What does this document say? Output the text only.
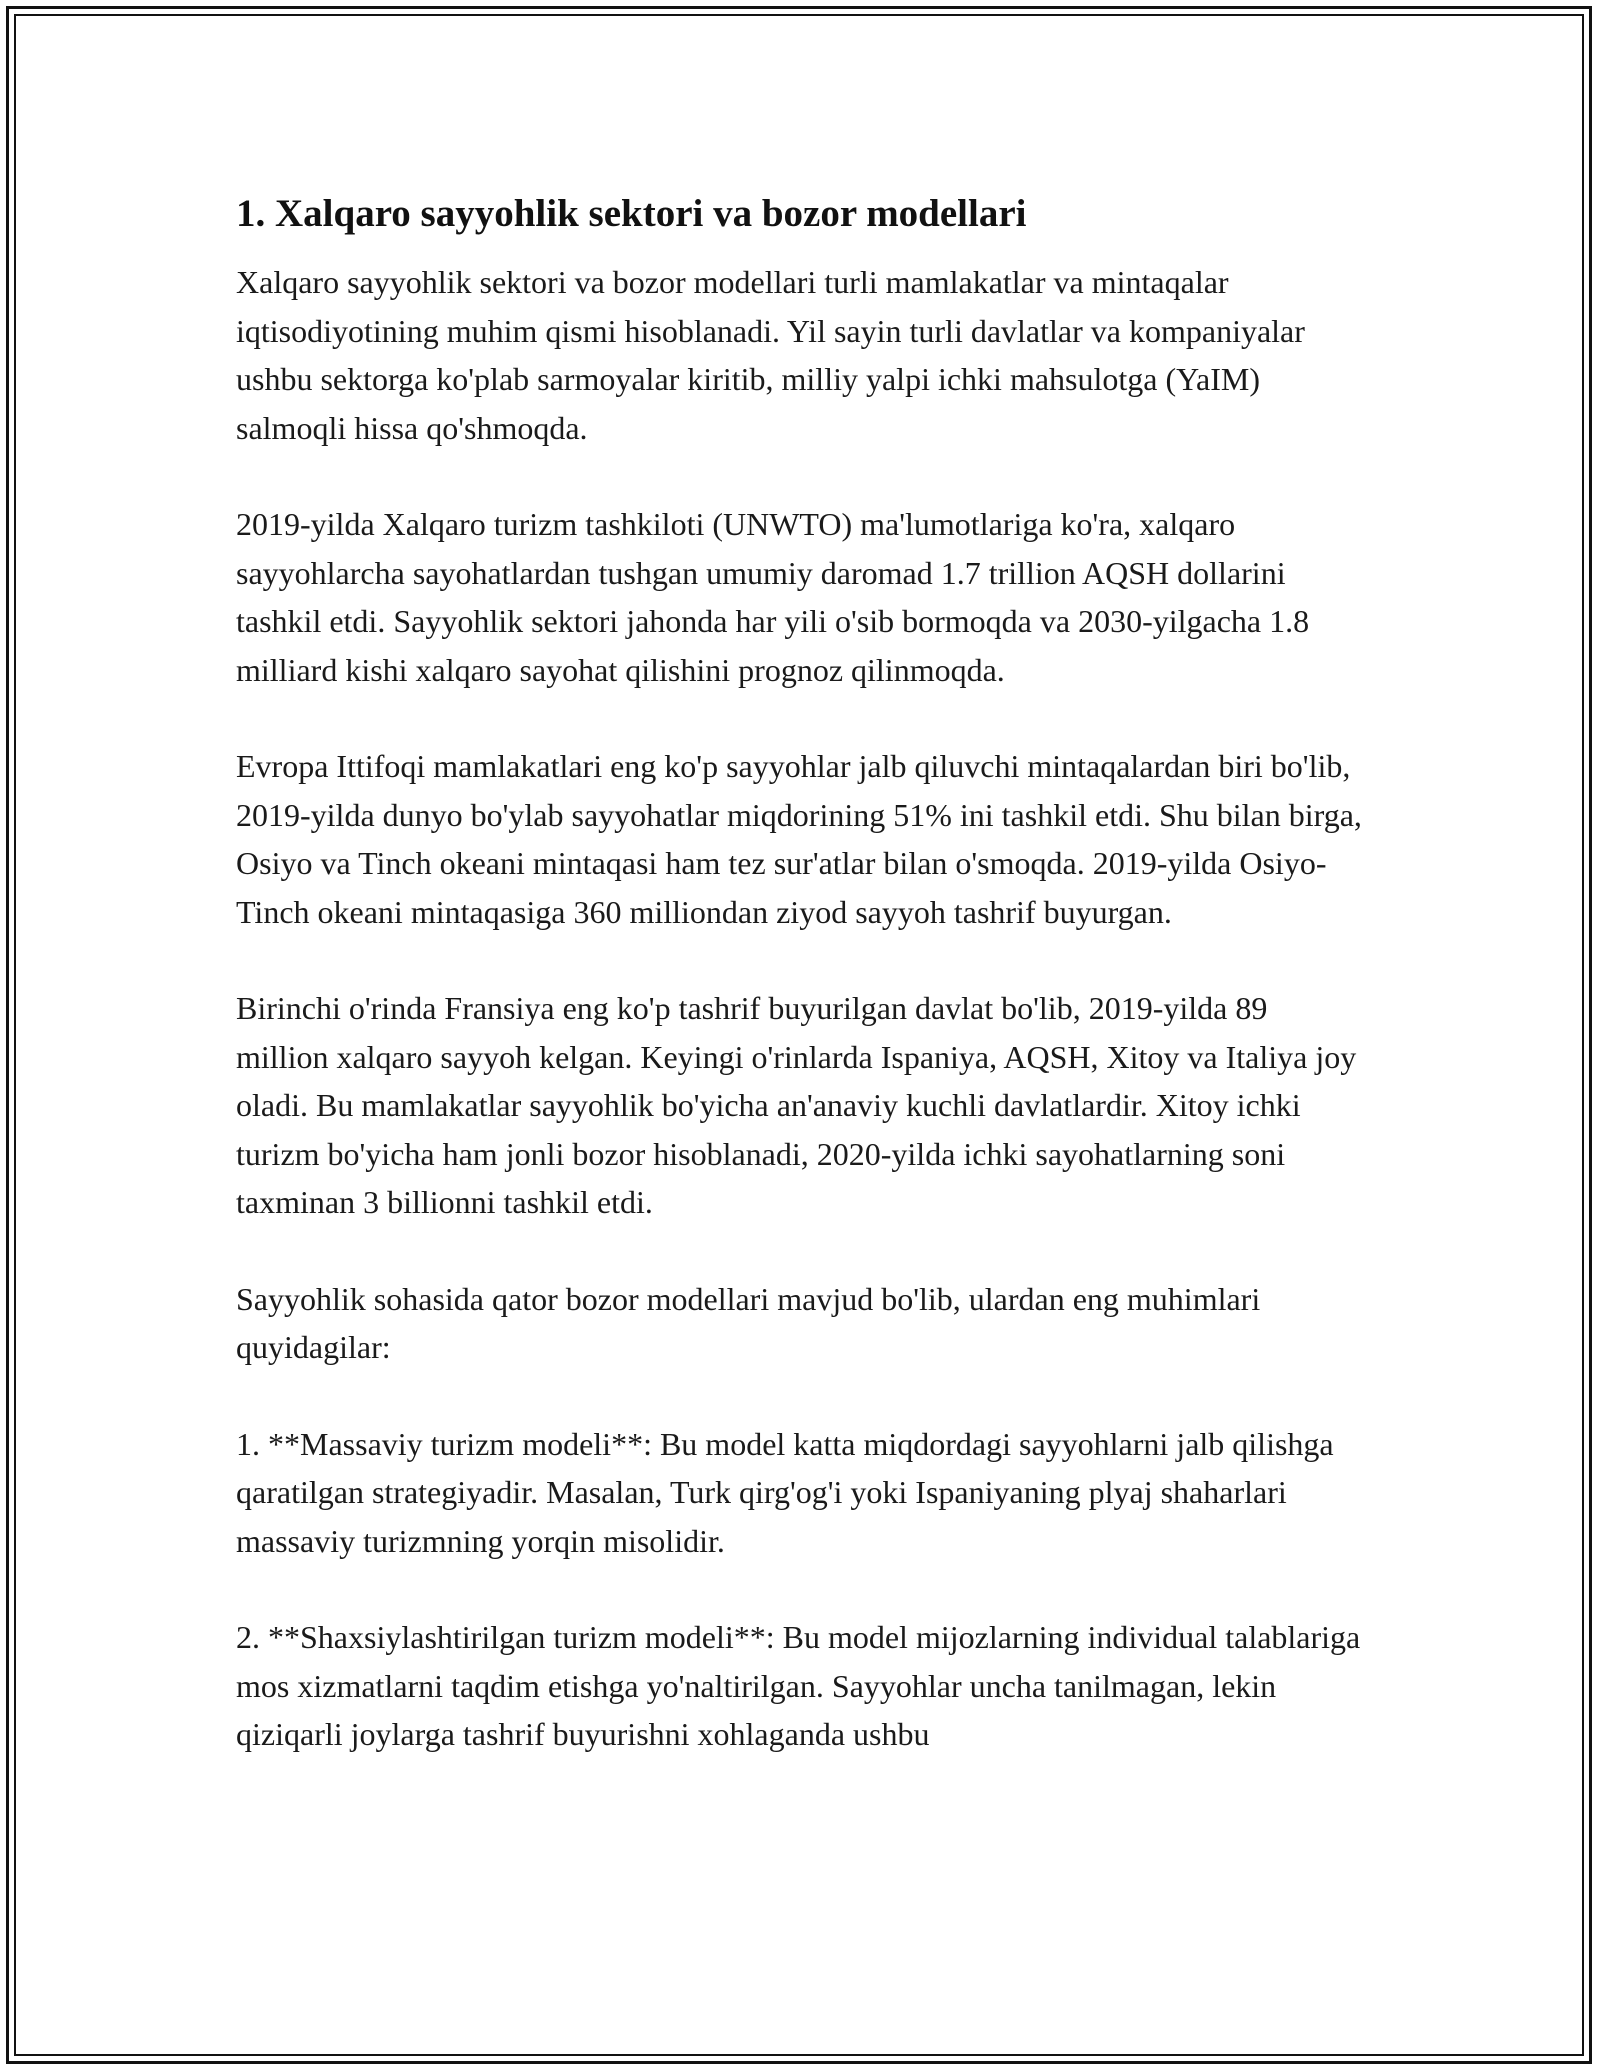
1. Xalqaro sayyohlik sektori va bozor modellari

Xalqaro sayyohlik sektori va bozor modellari turli mamlakatlar va mintaqalar iqtisodiyotining muhim qismi hisoblanadi. Yil sayin turli davlatlar va kompaniyalar ushbu sektorga ko'plab sarmoyalar kiritib, milliy yalpi ichki mahsulotga (YaIM) salmoqli hissa qo'shmoqda.

2019-yilda Xalqaro turizm tashkiloti (UNWTO) ma'lumotlariga ko'ra, xalqaro sayyohlarcha sayohatlardan tushgan umumiy daromad 1.7 trillion AQSH dollarini tashkil etdi. Sayyohlik sektori jahonda har yili o'sib bormoqda va 2030-yilgacha 1.8 milliard kishi xalqaro sayohat qilishini prognoz qilinmoqda.

Evropa Ittifoqi mamlakatlari eng ko'p sayyohlar jalb qiluvchi mintaqalardan biri bo'lib, 2019-yilda dunyo bo'ylab sayyohatlar miqdorining 51% ini tashkil etdi. Shu bilan birga, Osiyo va Tinch okeani mintaqasi ham tez sur'atlar bilan o'smoqda. 2019-yilda Osiyo-Tinch okeani mintaqasiga 360 milliondan ziyod sayyoh tashrif buyurgan.

Birinchi o'rinda Fransiya eng ko'p tashrif buyurilgan davlat bo'lib, 2019-yilda 89 million xalqaro sayyoh kelgan. Keyingi o'rinlarda Ispaniya, AQSH, Xitoy va Italiya joy oladi. Bu mamlakatlar sayyohlik bo'yicha an'anaviy kuchli davlatlardir. Xitoy ichki turizm bo'yicha ham jonli bozor hisoblanadi, 2020-yilda ichki sayohatlarning soni taxminan 3 billionni tashkil etdi.

Sayyohlik sohasida qator bozor modellari mavjud bo'lib, ulardan eng muhimlari quyidagilar:

1. **Massaviy turizm modeli**: Bu model katta miqdordagi sayyohlarni jalb qilishga qaratilgan strategiyadir. Masalan, Turk qirg'og'i yoki Ispaniyaning plyaj shaharlari massaviy turizmning yorqin misolidir.

2. **Shaxsiylashtirilgan turizm modeli**: Bu model mijozlarning individual talablariga mos xizmatlarni taqdim etishga yo'naltirilgan. Sayyohlar uncha tanilmagan, lekin qiziqarli joylarga tashrif buyurishni xohlaganda ushbu
